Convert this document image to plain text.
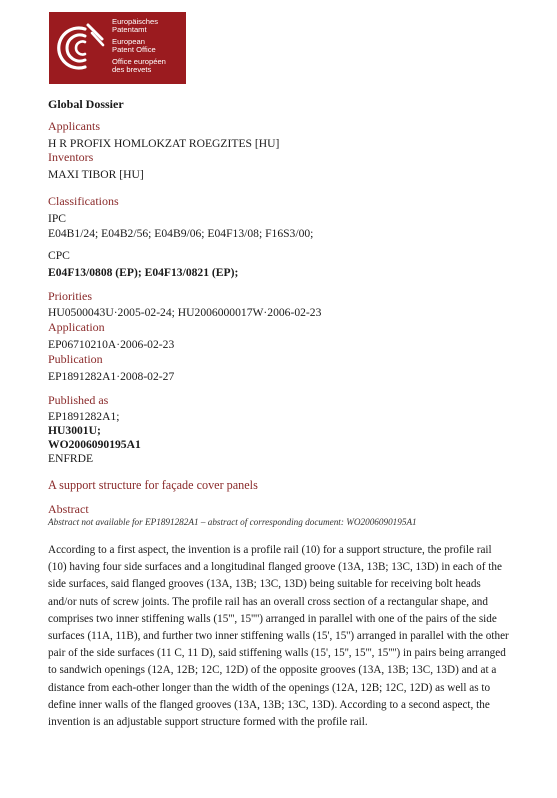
Europäisches
Patentamt
European
Patent Office
Office européen
des brevets
Global Dossier
Applicants
H R PROFIX HOMLOKZAT ROEGZITES [HU]
Inventors
MAXI TIBOR [HU]
Classifications
IPC
E04B1/24; E04B2/56; E04B9/06; E04F13/08; F16S3/00;
CPC
E04F13/0808 (EP); E04F13/0821 (EP);
Priorities
HU0500043U·2005-02-24; HU2006000017W·2006-02-23
Application
EP06710210A·2006-02-23
Publication
EP1891282A1·2008-02-27
Published as
EP1891282A1;
HU3001U;
WO2006090195A1
ENFRDE
A support structure for façade cover panels
Abstract
Abstract not available for EP1891282A1 – abstract of corresponding document: WO2006090195A1
According to a first aspect, the invention is a profile rail (10) for a support structure, the profile rail (10) having four side surfaces and a longitudinal flanged groove (13A, 13B; 13C, 13D) in each of the side surfaces, said flanged grooves (13A, 13B; 13C, 13D) being suitable for receiving bolt heads and/or nuts of screw joints. The profile rail has an overall cross section of a rectangular shape, and comprises two inner stiffening walls (15''', 15'''') arranged in parallel with one of the pairs of the side surfaces (11A, 11B), and further two inner stiffening walls (15', 15'') arranged in parallel with the other pair of the side surfaces (11 C, 11 D), said stiffening walls (15', 15'', 15''', 15'''') in pairs being arranged to sandwich openings (12A, 12B; 12C, 12D) of the opposite grooves (13A, 13B; 13C, 13D) and at a distance from each-other longer than the width of the openings (12A, 12B; 12C, 12D) as well as to define inner walls of the flanged grooves (13A, 13B; 13C, 13D). According to a second aspect, the invention is an adjustable support structure formed with the profile rail.
